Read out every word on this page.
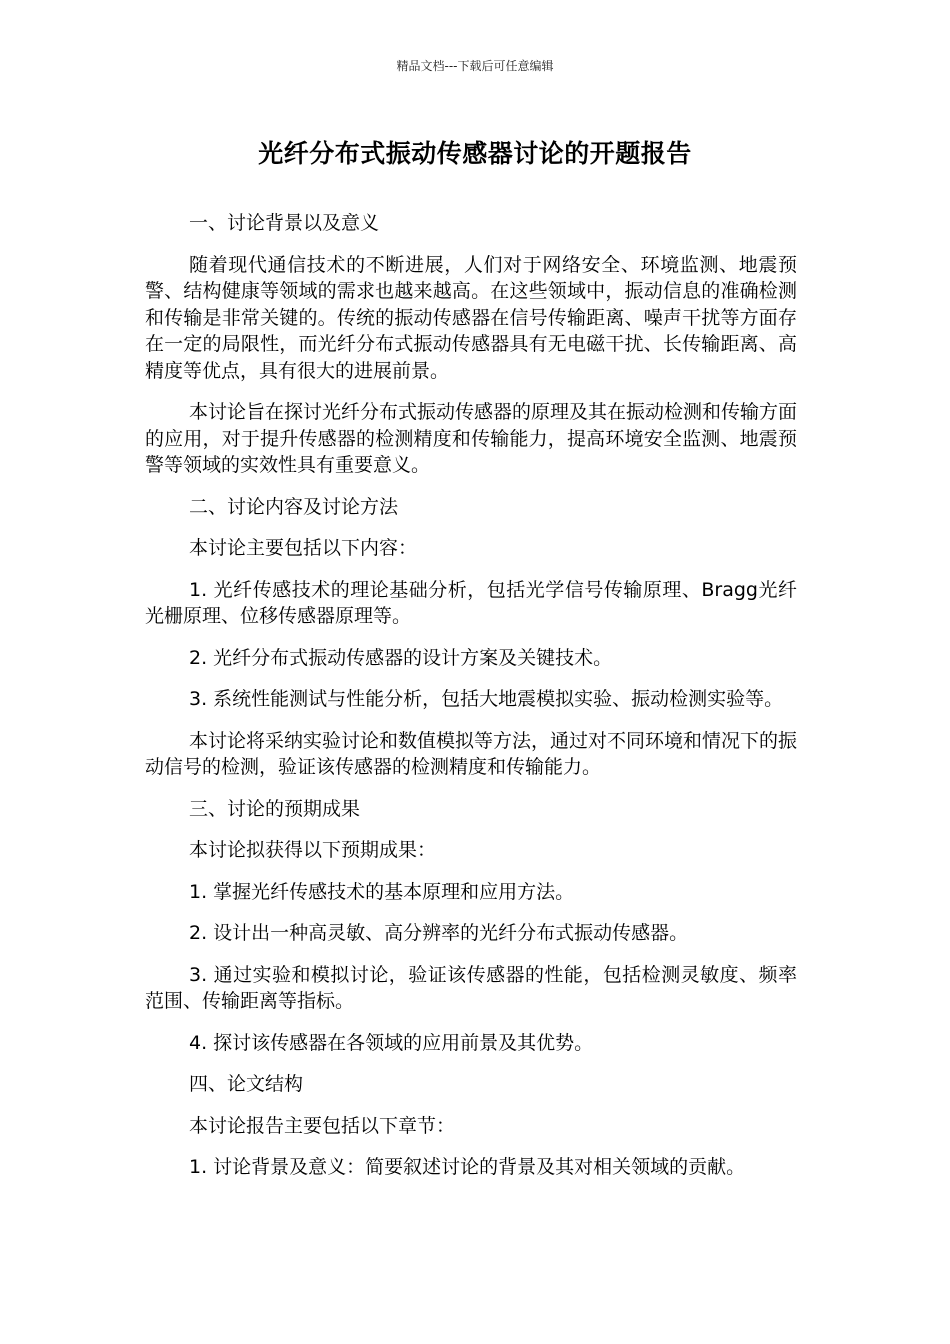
精品文档---下载后可任意编辑
光纤分布式振动传感器讨论的开题报告

一、讨论背景以及意义

随着现代通信技术的不断进展，人们对于网络安全、环境监测、地震预警、结构健康等领域的需求也越来越高。在这些领域中，振动信息的准确检测和传输是非常关键的。传统的振动传感器在信号传输距离、噪声干扰等方面存在一定的局限性，而光纤分布式振动传感器具有无电磁干扰、长传输距离、高精度等优点，具有很大的进展前景。

本讨论旨在探讨光纤分布式振动传感器的原理及其在振动检测和传输方面的应用，对于提升传感器的检测精度和传输能力，提高环境安全监测、地震预警等领域的实效性具有重要意义。

二、讨论内容及讨论方法

本讨论主要包括以下内容：

1. 光纤传感技术的理论基础分析，包括光学信号传输原理、Bragg光纤光栅原理、位移传感器原理等。

2. 光纤分布式振动传感器的设计方案及关键技术。

3. 系统性能测试与性能分析，包括大地震模拟实验、振动检测实验等。

本讨论将采纳实验讨论和数值模拟等方法，通过对不同环境和情况下的振动信号的检测，验证该传感器的检测精度和传输能力。

三、讨论的预期成果

本讨论拟获得以下预期成果：

1. 掌握光纤传感技术的基本原理和应用方法。

2. 设计出一种高灵敏、高分辨率的光纤分布式振动传感器。

3. 通过实验和模拟讨论，验证该传感器的性能，包括检测灵敏度、频率范围、传输距离等指标。

4. 探讨该传感器在各领域的应用前景及其优势。

四、论文结构

本讨论报告主要包括以下章节：

1. 讨论背景及意义：简要叙述讨论的背景及其对相关领域的贡献。
